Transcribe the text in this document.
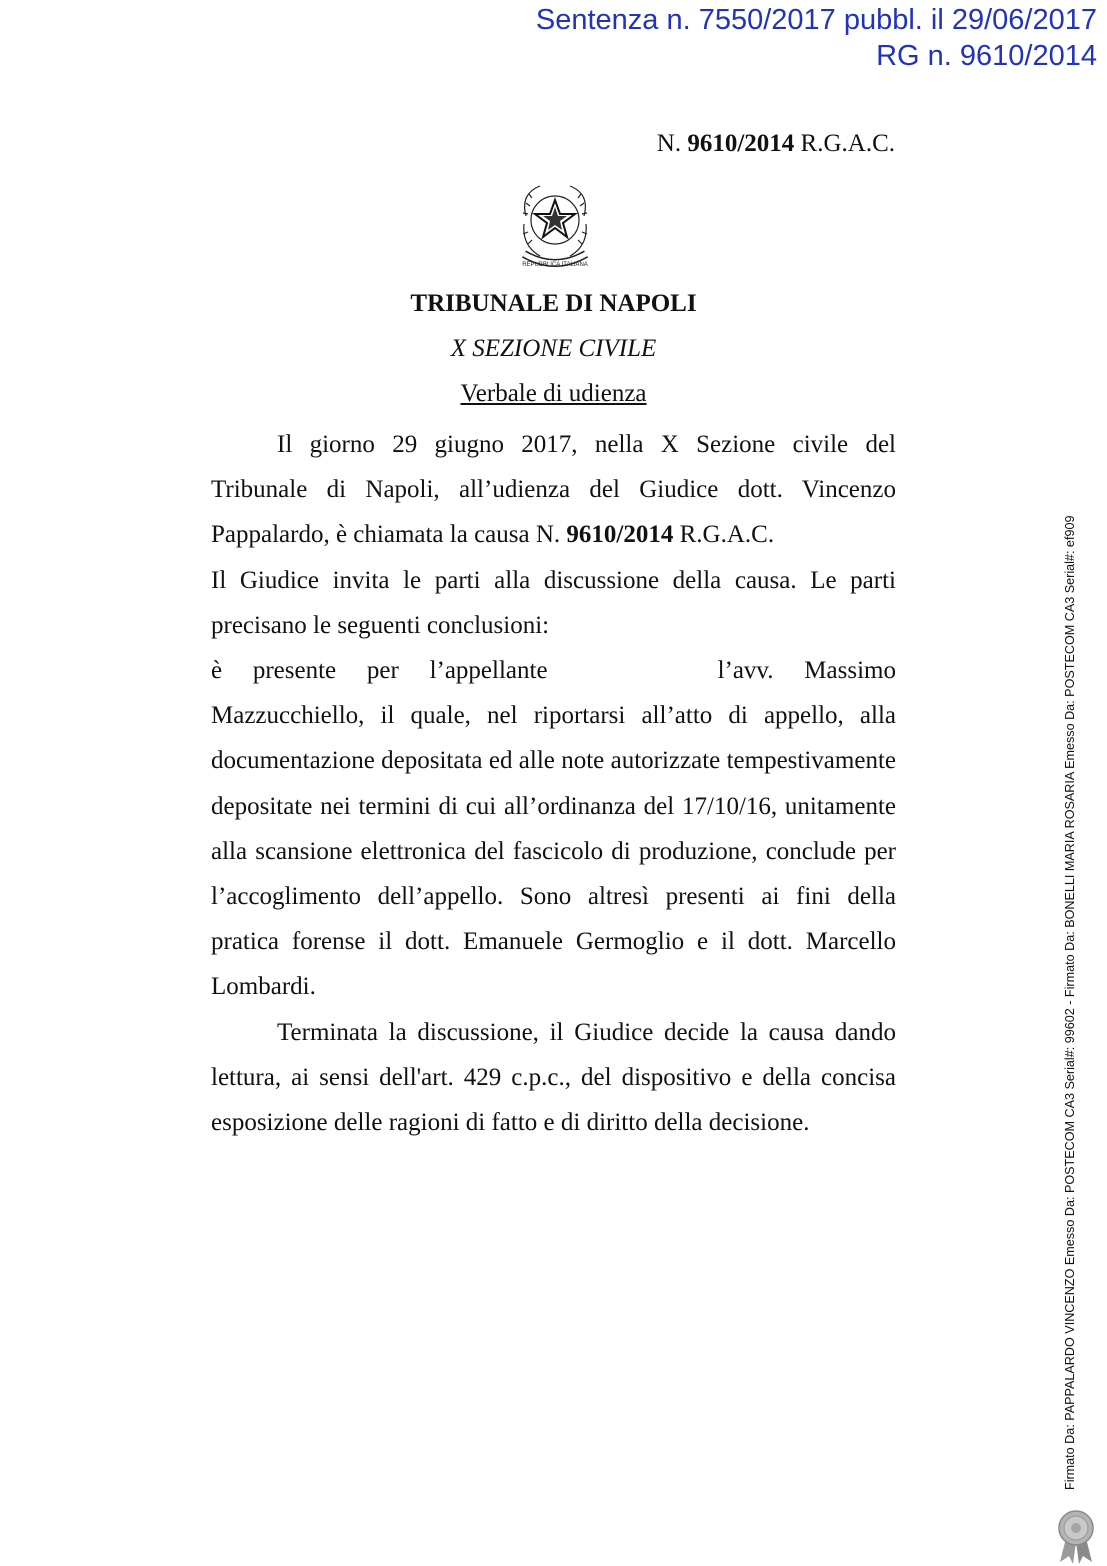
Sentenza n. 7550/2017 pubbl. il 29/06/2017
RG n. 9610/2014
N. 9610/2014 R.G.A.C.
REPUBBLICA ITALIANA
TRIBUNALE DI NAPOLI
X SEZIONE CIVILE
Verbale di udienza

Il giorno 29 giugno 2017, nella X Sezione civile del Tribunale di Napoli, all’udienza del Giudice dott. Vincenzo Pappalardo, è chiamata la causa N. 9610/2014 R.G.A.C.

Il Giudice invita le parti alla discussione della causa. Le parti precisano le seguenti conclusioni:

è presente per l’appellante	l’avv. Massimo Mazzucchiello, il quale, nel riportarsi all’atto di appello, alla documentazione depositata ed alle note autorizzate tempestivamente depositate nei termini di cui all’ordinanza del 17/10/16, unitamente alla scansione elettronica del fascicolo di produzione, conclude per l’accoglimento dell’appello. Sono altresì presenti ai fini della pratica forense il dott. Emanuele Germoglio e il dott. Marcello Lombardi.

Terminata la discussione, il Giudice decide la causa dando lettura, ai sensi dell'art. 429 c.p.c., del dispositivo e della concisa esposizione delle ragioni di fatto e di diritto della decisione.	Firmato Da: PAPPALARDO VINCENZO Emesso Da: POSTECOM CA3 Serial#: 99602 - Firmato Da: BONELLI MARIA ROSARIA Emesso Da: POSTECOM CA3 Serial#: ef909
